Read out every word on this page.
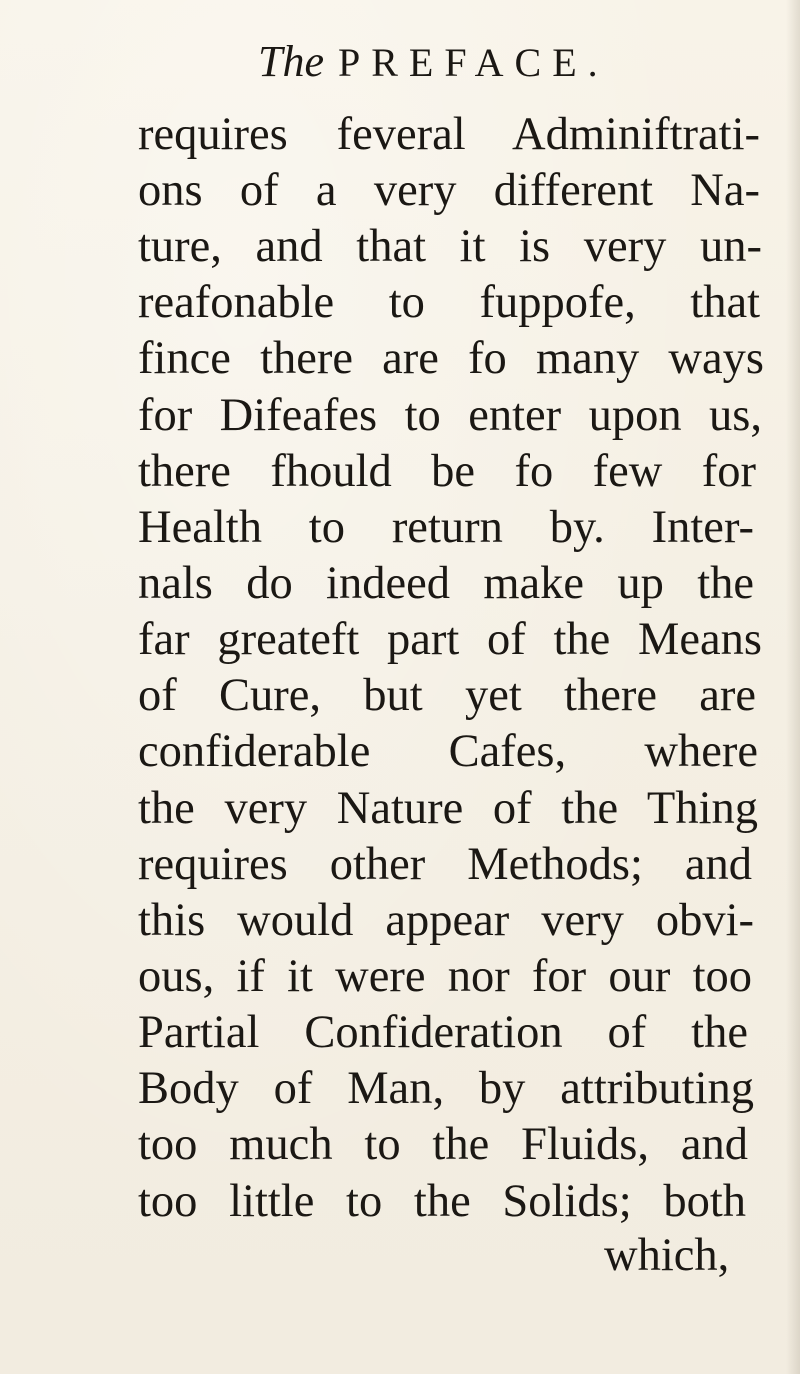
The PREFACE.
requires feveral Adminiftrati-
ons of a very different Na-
ture, and that it is very un-
reafonable to fuppofe, that
fince there are fo many ways
for Difeafes to enter upon us,
there fhould be fo few for
Health to return by. Inter-
nals do indeed make up the
far greateft part of the Means
of Cure, but yet there are
confiderable Cafes, where
the very Nature of the Thing
requires other Methods; and
this would appear very obvi-
ous, if it were nor for our too
Partial Confideration of the
Body of Man, by attributing
too much to the Fluids, and
too little to the Solids; both
which,
